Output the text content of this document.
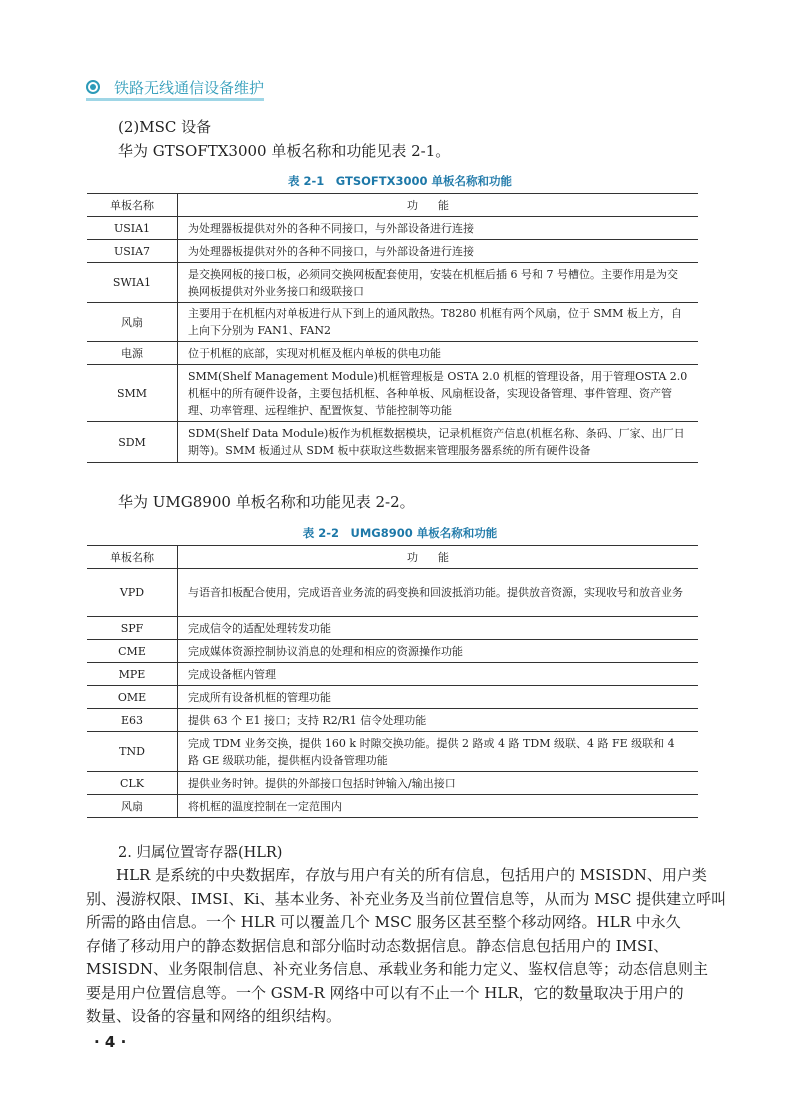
铁路无线通信设备维护
(2)MSC 设备
华为 GTSOFTX3000 单板名称和功能见表 2-1。
表 2-1　GTSOFTX3000 单板名称和功能
单板名称	功能
USIA1	为处理器板提供对外的各种不同接口，与外部设备进行连接
USIA7	为处理器板提供对外的各种不同接口，与外部设备进行连接
SWIA1	是交换网板的接口板，必须同交换网板配套使用，安装在机框后插 6 号和 7 号槽位。主要作用是为交换网板提供对外业务接口和级联接口
风扇	主要用于在机框内对单板进行从下到上的通风散热。T8280 机框有两个风扇，位于 SMM 板上方，自上向下分别为 FAN1、FAN2
电源	位于机框的底部，实现对机框及框内单板的供电功能
SMM	SMM(Shelf Management Module)机框管理板是 OSTA 2.0 机框的管理设备，用于管理OSTA 2.0 机框中的所有硬件设备，主要包括机框、各种单板、风扇框设备，实现设备管理、事件管理、资产管理、功率管理、远程维护、配置恢复、节能控制等功能
SDM	SDM(Shelf Data Module)板作为机框数据模块，记录机框资产信息(机框名称、条码、厂家、出厂日期等)。SMM 板通过从 SDM 板中获取这些数据来管理服务器系统的所有硬件设备
华为 UMG8900 单板名称和功能见表 2-2。
表 2-2　UMG8900 单板名称和功能
单板名称	功能
VPD	与语音扣板配合使用，完成语音业务流的码变换和回波抵消功能。提供放音资源，实现收号和放音业务
SPF	完成信令的适配处理转发功能
CME	完成媒体资源控制协议消息的处理和相应的资源操作功能
MPE	完成设备框内管理
OME	完成所有设备机框的管理功能
E63	提供 63 个 E1 接口；支持 R2/R1 信令处理功能
TND	完成 TDM 业务交换，提供 160 k 时隙交换功能。提供 2 路或 4 路 TDM 级联、4 路 FE 级联和 4 路 GE 级联功能，提供框内设备管理功能
CLK	提供业务时钟。提供的外部接口包括时钟输入/输出接口
风扇	将机框的温度控制在一定范围内
2. 归属位置寄存器(HLR)
　　HLR 是系统的中央数据库，存放与用户有关的所有信息，包括用户的 MSISDN、用户类
别、漫游权限、IMSI、Ki、基本业务、补充业务及当前位置信息等，从而为 MSC 提供建立呼叫
所需的路由信息。一个 HLR 可以覆盖几个 MSC 服务区甚至整个移动网络。HLR 中永久
存储了移动用户的静态数据信息和部分临时动态数据信息。静态信息包括用户的 IMSI、
MSISDN、业务限制信息、补充业务信息、承载业务和能力定义、鉴权信息等；动态信息则主
要是用户位置信息等。一个 GSM-R 网络中可以有不止一个 HLR，它的数量取决于用户的
数量、设备的容量和网络的组织结构。
· 4 ·
